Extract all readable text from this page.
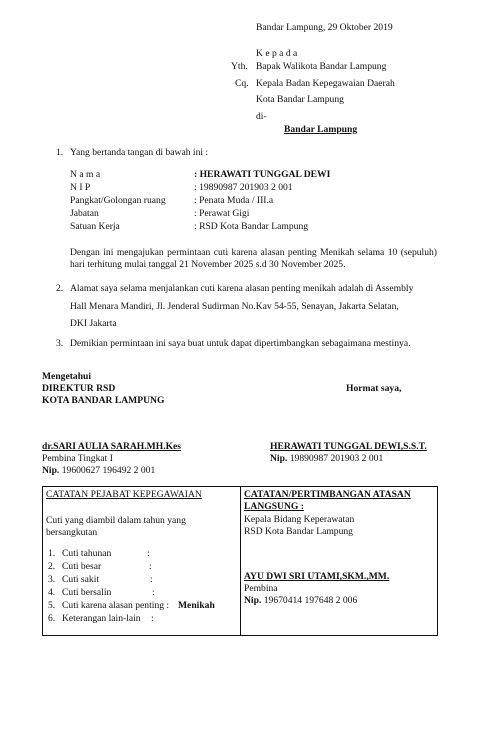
Bandar Lampung, 29 Oktober 2019
K e p a d a
Yth. Bapak Walikota Bandar Lampung
Cq. Kepala Badan Kepegawaian Daerah
Kota Bandar Lampung
di-
Bandar Lampung
1. Yang bertanda tangan di bawah ini :
N a m a	: HERAWATI TUNGGAL DEWI
N I P	: 19890987 201903 2 001
Pangkat/Golongan ruang	: Penata Muda / III.a
Jabatan	: Perawat Gigi
Satuan Kerja	: RSD Kota Bandar Lampung
Dengan ini mengajukan permintaan cuti karena alasan penting Menikah selama 10 (sepuluh) hari terhitung mulai tanggal 21 November 2025 s.d 30 November 2025.
2. Alamat saya selama menjalankan cuti karena alasan penting menikah adalah di Assembly
Hall Menara Mandiri, Jl. Jenderal Sudirman No.Kav 54-55, Senayan, Jakarta Selatan,
DKI Jakarta
3. Demikian permintaan ini saya buat untuk dapat dipertimbangkan sebagaimana mestinya.
Mengetahui
DIREKTUR RSD	Hormat saya,
KOTA BANDAR LAMPUNG
dr.SARI AULIA SARAH.MH.Kes
Pembina Tingkat I
Nip. 19600627 196492 2 001
HERAWATI TUNGGAL DEWI,S.S.T.
Nip. 19890987 201903 2 001
CATATAN PEJABAT KEPEGAWAIAN
Cuti yang diambil dalam tahun yang
bersangkutan
1. Cuti tahunan	:
2. Cuti besar	:
3. Cuti sakit	:
4. Cuti bersalin	:
5. Cuti karena alasan penting : Menikah
6. Keterangan lain-lain :
CATATAN/PERTIMBANGAN ATASAN
LANGSUNG :
Kepala Bidang Keperawatan
RSD Kota Bandar Lampung
AYU DWI SRI UTAMI,SKM.,MM.
Pembina
Nip. 19670414 197648 2 006
